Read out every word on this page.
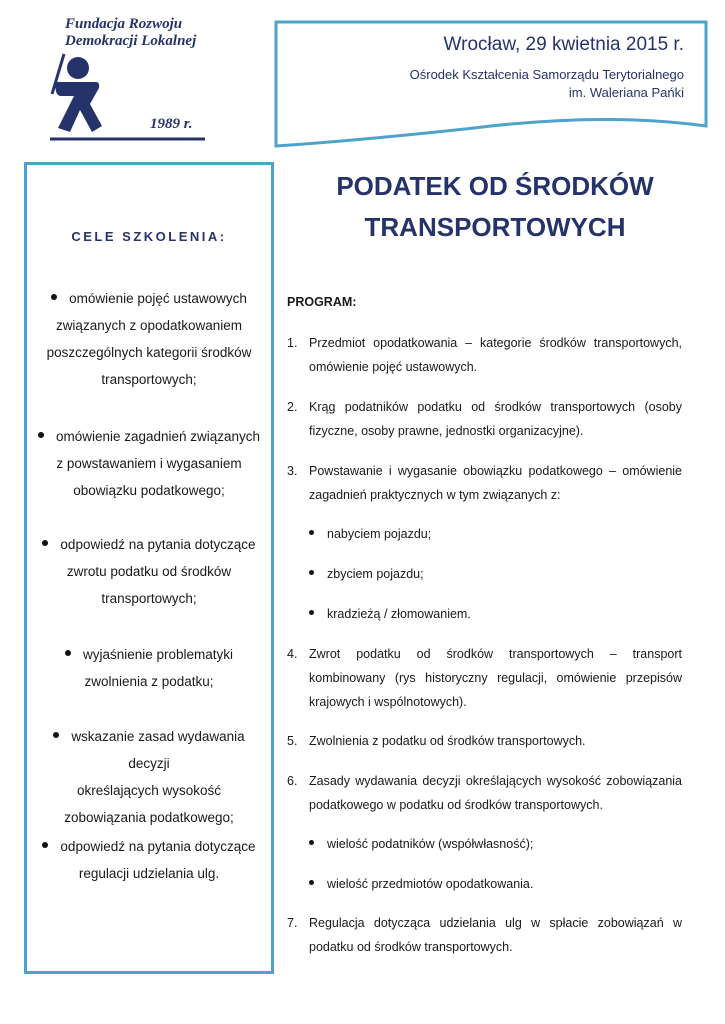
Fundacja Rozwoju
Demokracji Lokalnej
1989 r.
Wrocław, 29 kwietnia 2015 r.
Ośrodek Kształcenia Samorządu Terytorialnego
im. Waleriana Pańki
CELE SZKOLENIA:
omówienie pojęć ustawowych
związanych z opodatkowaniem
poszczególnych kategorii środków
transportowych;
omówienie zagadnień związanych
z powstawaniem i wygasaniem
obowiązku podatkowego;
odpowiedź na pytania dotyczące
zwrotu podatku od środków
transportowych;
wyjaśnienie problematyki
zwolnienia z podatku;
wskazanie zasad wydawania decyzji
określających wysokość
zobowiązania podatkowego;
odpowiedź na pytania dotyczące
regulacji udzielania ulg.
PODATEK OD ŚRODKÓW
TRANSPORTOWYCH
PROGRAM:
1. Przedmiot opodatkowania – kategorie środków transportowych, omówienie pojęć ustawowych.
2. Krąg podatników podatku od środków transportowych (osoby fizyczne, osoby prawne, jednostki organizacyjne).
3. Powstawanie i wygasanie obowiązku podatkowego – omówienie zagadnień praktycznych w tym związanych z:
4. Zwrot podatku od środków transportowych – transport kombinowany (rys historyczny regulacji, omówienie przepisów krajowych i wspólnotowych).
5. Zwolnienia z podatku od środków transportowych.
6. Zasady wydawania decyzji określających wysokość zobowiązania podatkowego w podatku od środków transportowych.
7. Regulacja dotycząca udzielania ulg w spłacie zobowiązań w podatku od środków transportowych.
nabyciem pojazdu;
zbyciem pojazdu;
kradzieżą / złomowaniem.
wielość podatników (współwłasność);
wielość przedmiotów opodatkowania.
